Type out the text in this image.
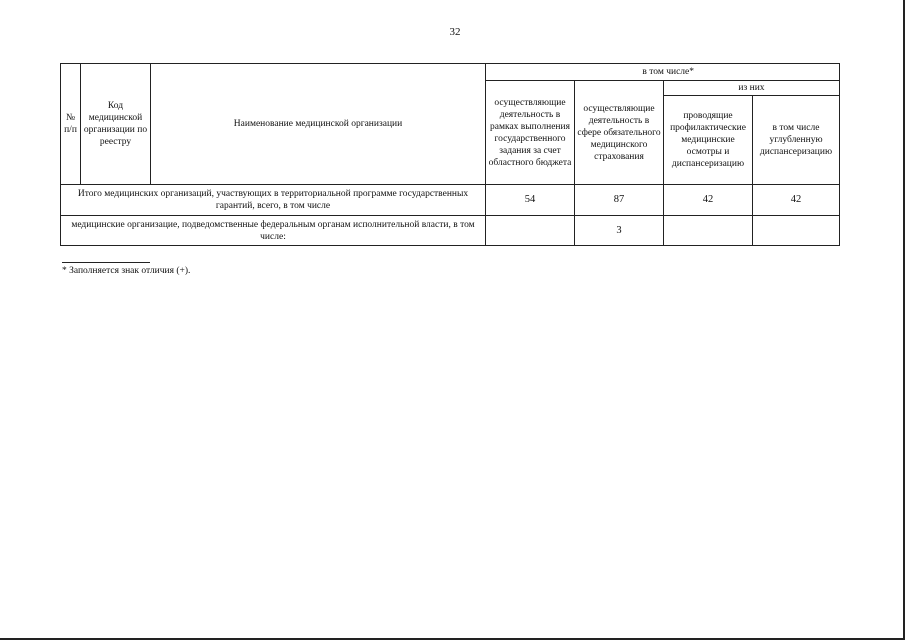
32
№ п/п	Код медицинской организации по реестру	Наименование медицинской организации	в том числе*			
			осуществляющие деятельность в рамках выполнения государственного задания за счет областного бюджета	осуществляющие деятельность в сфере обязательного медицинского страхования	из них	
					проводящие профилактические медицинские осмотры и диспансеризацию	в том числе углубленную диспансеризацию
Итого медицинских организаций, участвующих в территориальной программе государственных гарантий, всего, в том числе			54	87	42	42
медицинские организацие, подведомственные федеральным органам исполнительной власти, в том числе:				3		
* Заполняется знак отличия (+).
